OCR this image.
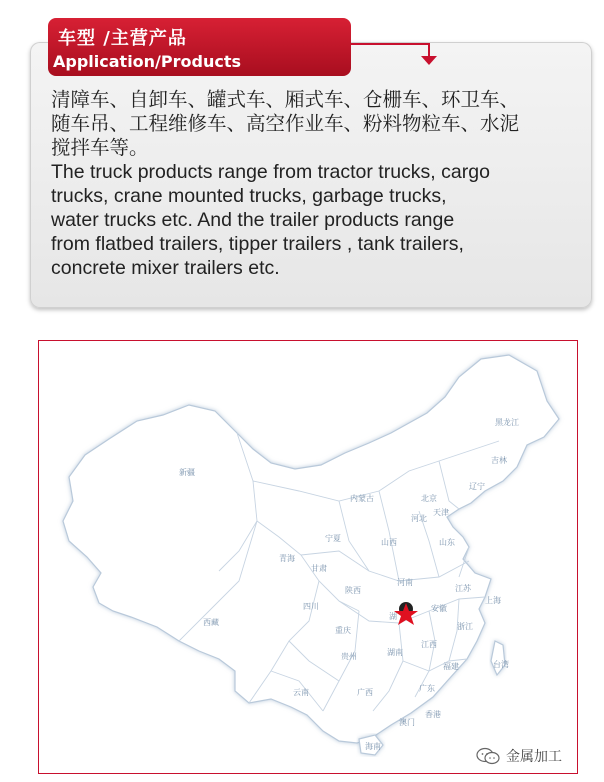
车型 /主营产品
Application/Products

清障车、自卸车、罐式车、厢式车、仓栅车、环卫车、

随车吊、工程维修车、高空作业车、粉料物粒车、水泥

搅拌车等。

The truck products range from tractor trucks, cargo

trucks, crane mounted trucks, garbage trucks,

water trucks etc. And the trailer products range

from flatbed trailers, tipper trailers , tank trailers,

concrete mixer trailers etc.

黑龙江
吉林
辽宁
内蒙古	北京
天津
河北
新疆
宁夏	山西	山东
青海
甘肃
河南
江苏
陕西
上海
湖
安徽
西藏
四川
浙江
重庆
江西
贵州	湖南
福建	台湾
云南	广西	广东
澳门
香港
海南
金属加工
